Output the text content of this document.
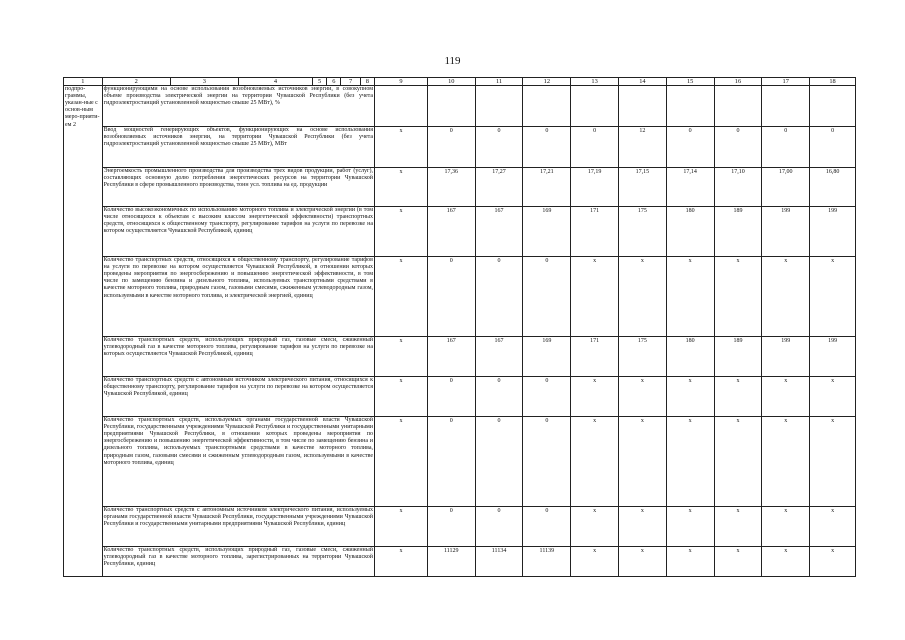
119
1	2	3	4	5	6	7	8	9	10	11	12	13	14	15	16	17	18
подпро-граммы, указан-ные с основ-ным меро-прияти-ем 2	функционирующими на основе использования возобновляемых источников энергии, в совокупном объеме производства электрической энергии на территории Чувашской Республики (без учета гидроэлектростанций установленной мощностью свыше 25 МВт), %																

	Ввод мощностей генерирующих объектов, функционирующих на основе использования возобновляемых источников энергии, на территории Чувашской Республики (без учета гидроэлектростанций установленной мощностью свыше 25 МВт), МВт							x	0	0	0	0	12	0	0	0	0

	Энергоемкость промышленного производства для производства трех видов продукции, работ (услуг), составляющих основную долю потребления энергетических ресурсов на территории Чувашской Республики в сфере промышленного производства, тонн усл. топлива на ед. продукции							x	17,36	17,27	17,21	17,19	17,15	17,14	17,10	17,00	16,80

	Количество высокоэкономичных по использованию моторного топлива и электрической энергии (в том числе относящихся к объектам с высоким классом энергетической эффективности) транспортных средств, относящихся к общественному транспорту, регулирование тарифов на услуги по перевозке на котором осуществляется Чувашской Республикой, единиц							x	167	167	169	171	175	180	189	199	199

	Количество транспортных средств, относящихся к общественному транспорту, регулирование тарифов на услуги по перевозке на котором осуществляется Чувашской Республикой, в отношении которых проведены мероприятия по энергосбережению и повышению энергетической эффективности, в том числе по замещению бензина и дизельного топлива, используемых транспортными средствами в качестве моторного топлива, природным газом, газовыми смесями, сжиженным углеводородным газом, используемыми в качестве моторного топлива, и электрической энергией, единиц							x	0	0	0	x	x	x	x	x	x

	Количество транспортных средств, использующих природный газ, газовые смеси, сжиженный углеводородный газ в качестве моторного топлива, регулирование тарифов на услуги по перевозке на которых осуществляется Чувашской Республикой, единиц							x	167	167	169	171	175	180	189	199	199

	Количество транспортных средств с автономным источником электрического питания, относящихся к общественному транспорту, регулирование тарифов на услуги по перевозке на котором осуществляется Чувашской Республикой, единиц							x	0	0	0	x	x	x	x	x	x

	Количество транспортных средств, используемых органами государственной власти Чувашской Республики, государственными учреждениями Чувашской Республики и государственными унитарными предприятиями Чувашской Республики, в отношении которых проведены мероприятия по энергосбережению и повышению энергетической эффективности, в том числе по замещению бензина и дизельного топлива, используемых транспортными средствами в качестве моторного топлива, природным газом, газовыми смесями и сжиженным углеводородным газом, используемыми в качестве моторного топлива, единиц							x	0	0	0	x	x	x	x	x	x

	Количество транспортных средств с автономным источником электрического питания, используемых органами государственной власти Чувашской Республики, государственными учреждениями Чувашской Республики и государственными унитарными предприятиями Чувашской Республики, единиц							x	0	0	0	x	x	x	x	x	x

	Количество транспортных средств, использующих природный газ, газовые смеси, сжиженный углеводородный газ в качестве моторного топлива, зарегистрированных на территории Чувашской Республики, единиц							x	11129	11134	11139	x	x	x	x	x	x
